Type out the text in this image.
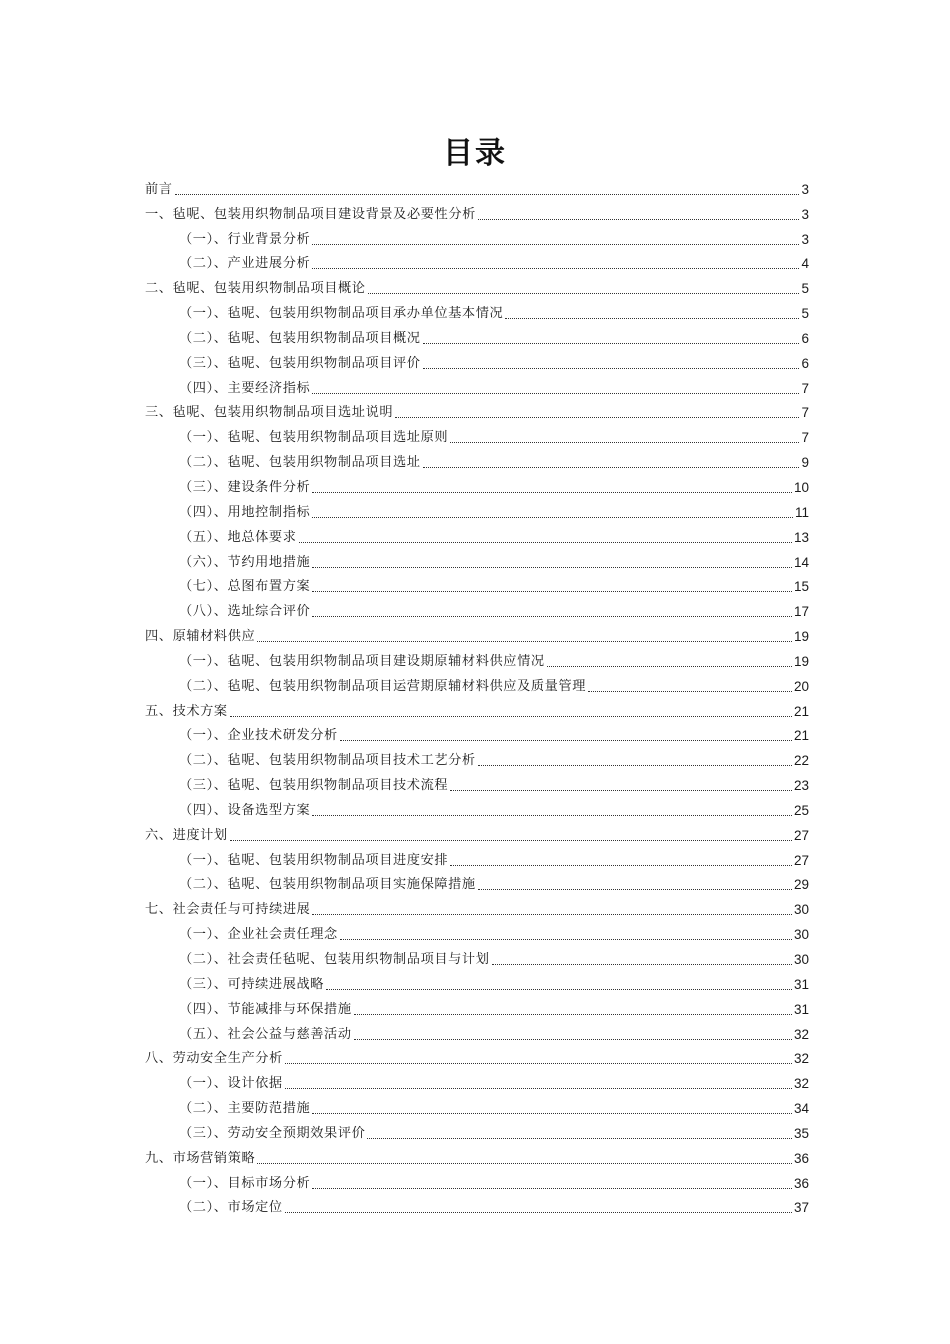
目录
前言	3
一、毡呢、包装用织物制品项目建设背景及必要性分析	3
（一）、行业背景分析	3
（二）、产业进展分析	4
二、毡呢、包装用织物制品项目概论	5
（一）、毡呢、包装用织物制品项目承办单位基本情况	5
（二）、毡呢、包装用织物制品项目概况	6
（三）、毡呢、包装用织物制品项目评价	6
（四）、主要经济指标	7
三、毡呢、包装用织物制品项目选址说明	7
（一）、毡呢、包装用织物制品项目选址原则	7
（二）、毡呢、包装用织物制品项目选址	9
（三）、建设条件分析	10
（四）、用地控制指标	11
（五）、地总体要求	13
（六）、节约用地措施	14
（七）、总图布置方案	15
（八）、选址综合评价	17
四、原辅材料供应	19
（一）、毡呢、包装用织物制品项目建设期原辅材料供应情况	19
（二）、毡呢、包装用织物制品项目运营期原辅材料供应及质量管理	20
五、技术方案	21
（一）、企业技术研发分析	21
（二）、毡呢、包装用织物制品项目技术工艺分析	22
（三）、毡呢、包装用织物制品项目技术流程	23
（四）、设备选型方案	25
六、进度计划	27
（一）、毡呢、包装用织物制品项目进度安排	27
（二）、毡呢、包装用织物制品项目实施保障措施	29
七、社会责任与可持续进展	30
（一）、企业社会责任理念	30
（二）、社会责任毡呢、包装用织物制品项目与计划	30
（三）、可持续进展战略	31
（四）、节能减排与环保措施	31
（五）、社会公益与慈善活动	32
八、劳动安全生产分析	32
（一）、设计依据	32
（二）、主要防范措施	34
（三）、劳动安全预期效果评价	35
九、市场营销策略	36
（一）、目标市场分析	36
（二）、市场定位	37
